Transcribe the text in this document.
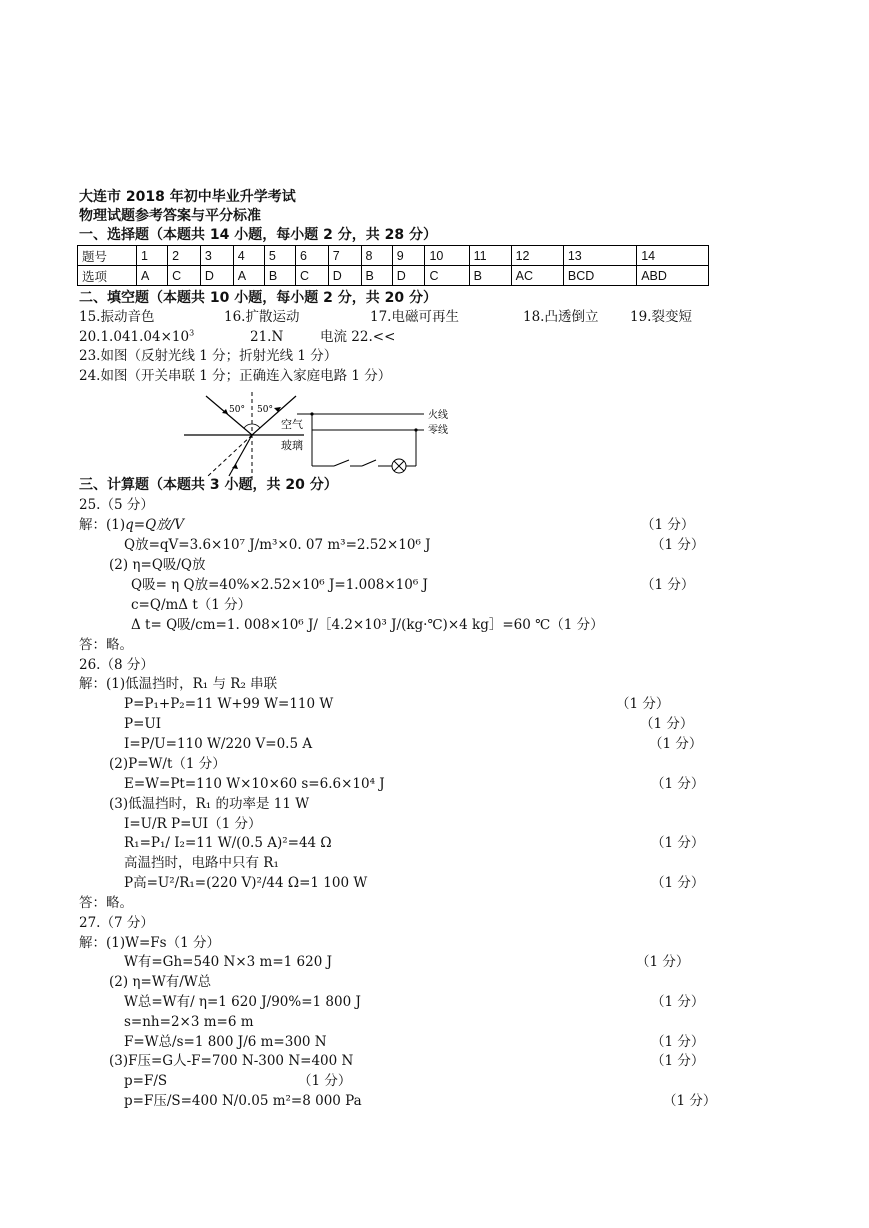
大连市 2018 年初中毕业升学考试
物理试题参考答案与平分标准
一、选择题（本题共 14 小题，每小题 2 分，共 28 分）
题号	1	2	3	4	5	6	7	8	9	10	11	12	13	14
选项	A	C	D	A	B	C	D	B	D	C	B	AC	BCD	ABD
二、填空题（本题共 10 小题，每小题 2 分，共 20 分）
15.振动音色	16.扩散运动	17.电磁可再生	18.凸透倒立 19.裂变短
$20.1.041.04\times 10^3$	21.N	电流 22.<<
23.如图（反射光线 1 分；折射光线 1 分）
24.如图（开关串联 1 分；正确连入家庭电路 1 分）
50° 50°
空气
玻璃
火线
零线
三、计算题（本题共 3 小题，共 20 分）
25.（5 分）
解：(1)q=Q放/V	（1 分）
Q放=qV=3.6×10⁷ J/m³×0. 07 m³=2.52×10⁶ J	（1 分）
(2) η=Q吸/Q放
Q吸= η Q放=40%×2.52×10⁶ J=1.008×10⁶ J	（1 分）
c=Q/mΔ t（1 分）
Δ t= Q吸/cm=1. 008×10⁶ J/［4.2×10³ J/(kg·℃)×4 kg］=60 ℃（1 分）
答：略。
26.（8 分）
解：(1)低温挡时，R₁ 与 R₂ 串联
P=P₁+P₂=11 W+99 W=110 W	（1 分）
P=UI	（1 分）
I=P/U=110 W/220 V=0.5 A	（1 分）
(2)P=W/t（1 分）
E=W=Pt=110 W×10×60 s=6.6×10⁴ J	（1 分）
(3)低温挡时，R₁ 的功率是 11 W
I=U/R P=UI（1 分）
R₁=P₁/ I₂=11 W/(0.5 A)²=44 Ω	（1 分）
高温挡时，电路中只有 R₁
P高=U²/R₁=(220 V)²/44 Ω=1 100 W	（1 分）
答：略。
27.（7 分）
解：(1)W=Fs（1 分）
W有=Gh=540 N×3 m=1 620 J	（1 分）
(2) η=W有/W总
W总=W有/ η=1 620 J/90%=1 800 J	（1 分）
s=nh=2×3 m=6 m
F=W总/s=1 800 J/6 m=300 N	（1 分）
(3)F压=G人-F=700 N-300 N=400 N	（1 分）
p=F/S	（1 分）
p=F压/S=400 N/0.05 m²=8 000 Pa	（1 分）
